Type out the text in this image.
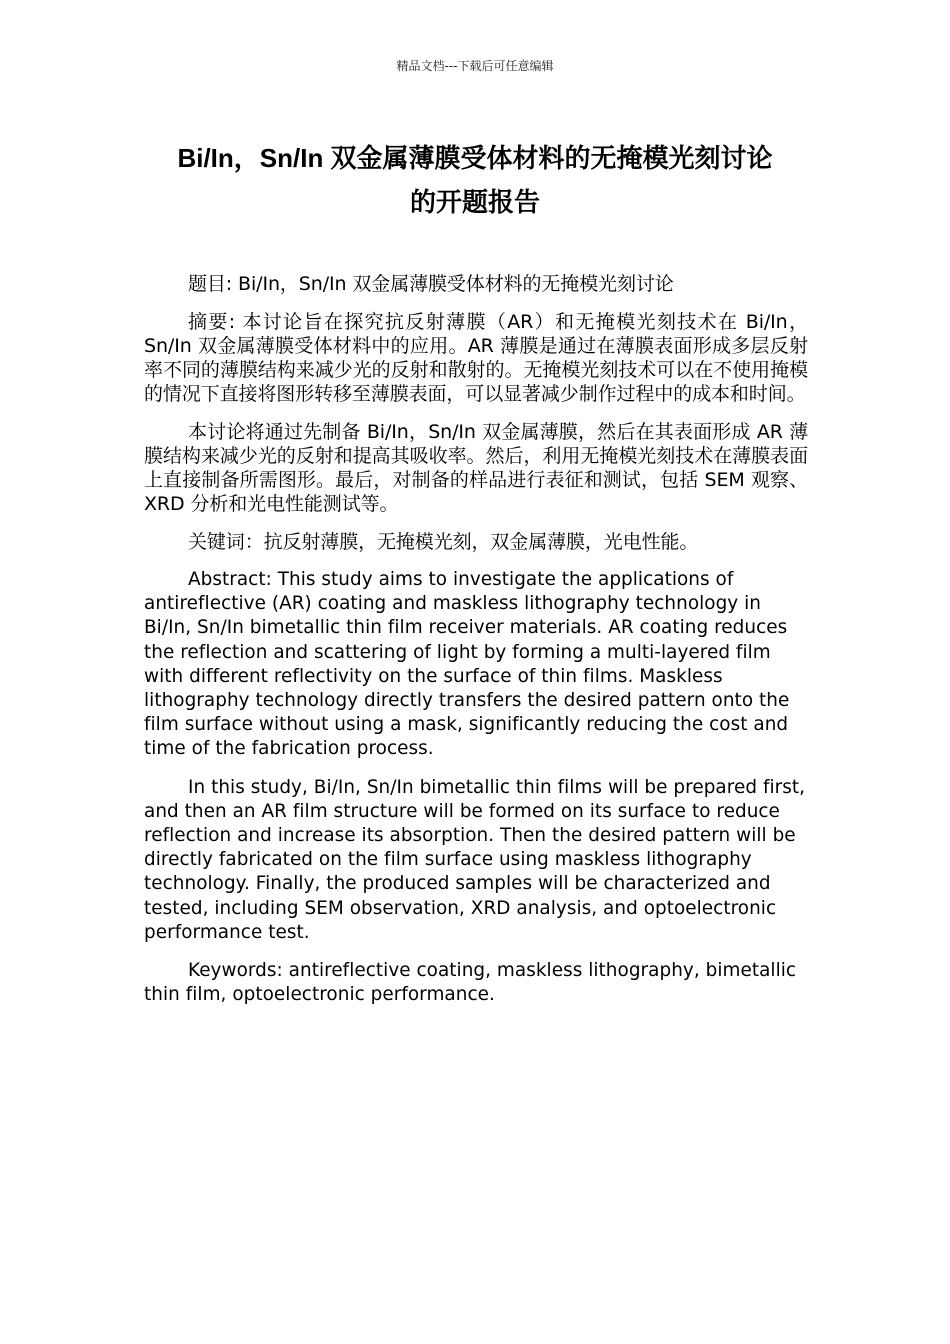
精品文档---下载后可任意编辑
Bi/In，Sn/In 双金属薄膜受体材料的无掩模光刻讨论
的开题报告

题目: Bi/In，Sn/In 双金属薄膜受体材料的无掩模光刻讨论

摘要: 本讨论旨在探究抗反射薄膜（AR）和无掩模光刻技术在 Bi/In，Sn/In 双金属薄膜受体材料中的应用。AR 薄膜是通过在薄膜表面形成多层反射率不同的薄膜结构来减少光的反射和散射的。无掩模光刻技术可以在不使用掩模的情况下直接将图形转移至薄膜表面，可以显著减少制作过程中的成本和时间。

本讨论将通过先制备 Bi/In，Sn/In 双金属薄膜，然后在其表面形成 AR 薄膜结构来减少光的反射和提高其吸收率。然后，利用无掩模光刻技术在薄膜表面上直接制备所需图形。最后，对制备的样品进行表征和测试，包括 SEM 观察、XRD 分析和光电性能测试等。

关键词：抗反射薄膜，无掩模光刻，双金属薄膜，光电性能。

Abstract: This study aims to investigate the applications of antireflective (AR) coating and maskless lithography technology in Bi/In, Sn/In bimetallic thin film receiver materials. AR coating reduces the reflection and scattering of light by forming a multi-layered film with different reflectivity on the surface of thin films. Maskless lithography technology directly transfers the desired pattern onto the film surface without using a mask, significantly reducing the cost and time of the fabrication process.

In this study, Bi/In, Sn/In bimetallic thin films will be prepared first, and then an AR film structure will be formed on its surface to reduce reflection and increase its absorption. Then the desired pattern will be directly fabricated on the film surface using maskless lithography technology. Finally, the produced samples will be characterized and tested, including SEM observation, XRD analysis, and optoelectronic performance test.

Keywords: antireflective coating, maskless lithography, bimetallic thin film, optoelectronic performance.
